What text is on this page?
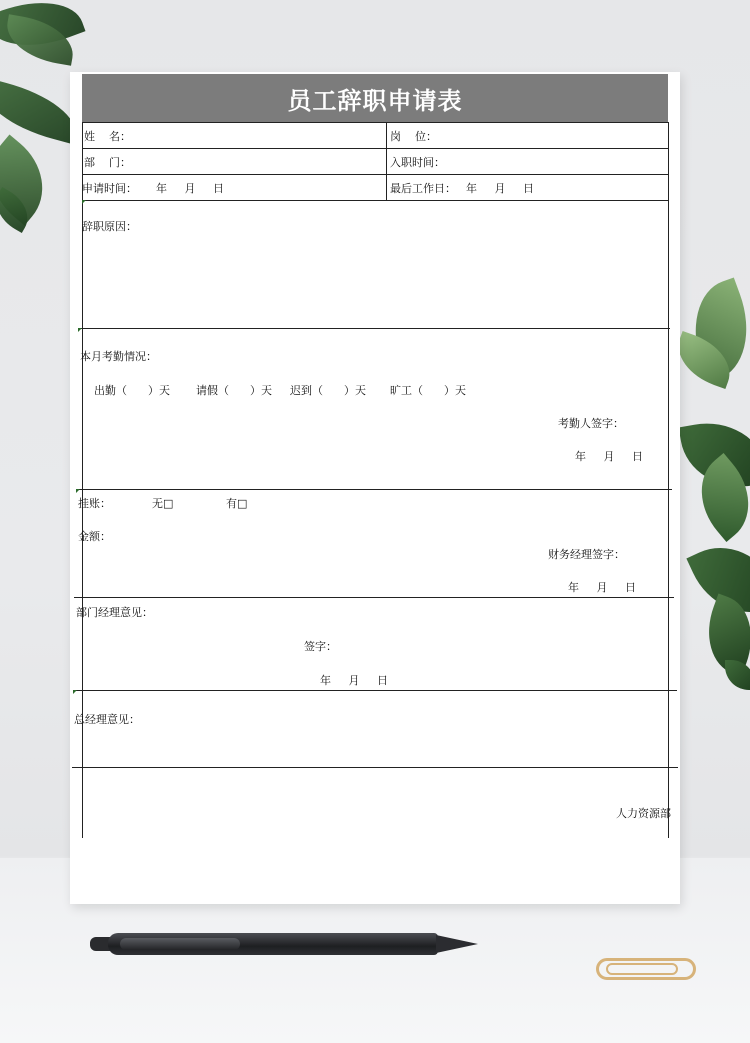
员工辞职申请表
姓    名：	岗    位：
部    门：	入职时间：
申请时间： 年     月     日	最后工作日： 年     月     日
辞职原因：
本月考勤情况：
出勤（      ）天 请假（      ）天 迟到（      ）天 旷工（      ）天
考勤人签字：
年     月     日
挂账：	无□	有□
金额：
财务经理签字：
年     月     日
部门经理意见：
签字：
年     月     日
总经理意见：
人力资源部
